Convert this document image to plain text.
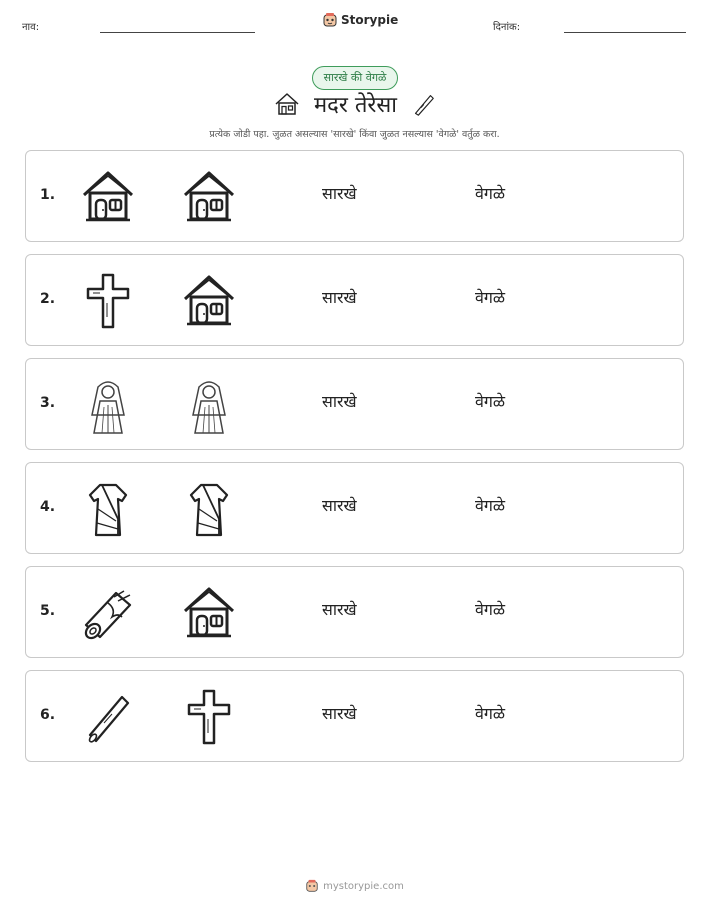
नाव:
Storypie
दिनांक:
सारखे की वेगळे
मदर तेरेसा
प्रत्येक जोडी पहा. जुळत असल्यास 'सारखे' किंवा जुळत नसल्यास 'वेगळे' वर्तुळ करा.
1.	सारखे	वेगळे
2.	सारखे	वेगळे
3.	सारखे	वेगळे
4.	सारखे	वेगळे
5.	सारखे	वेगळे
6.	सारखे	वेगळे
mystorypie.com
